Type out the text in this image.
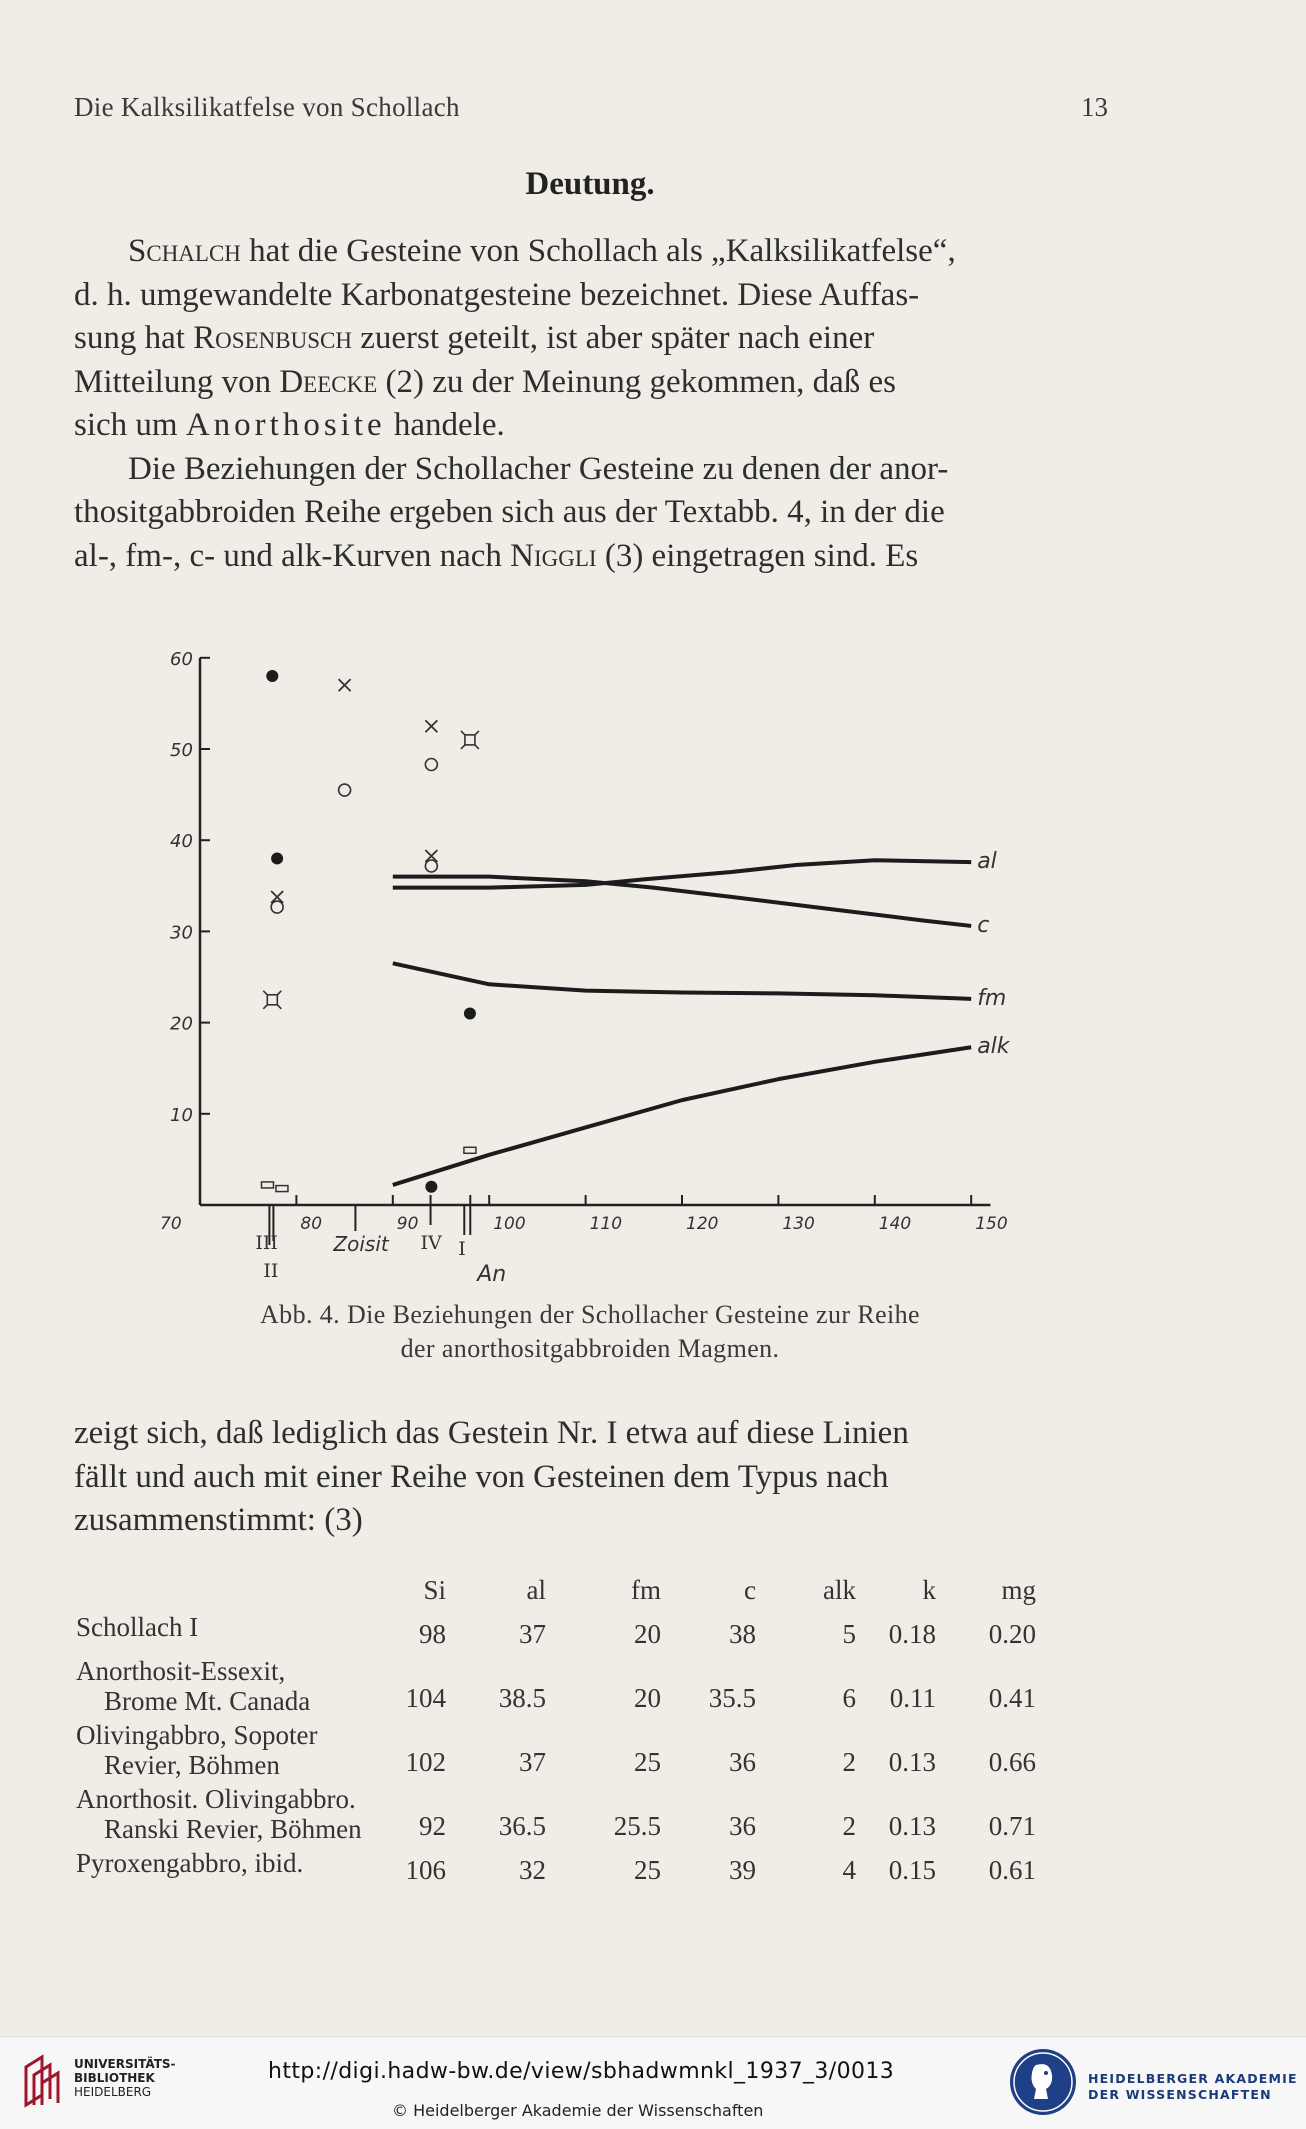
Die Kalksilikatfelse von Schollach	13
Deutung.

Schalch hat die Gesteine von Schollach als „Kalksilikatfelse“,

d. h. umgewandelte Karbonatgesteine bezeichnet. Diese Auffas-

sung hat Rosenbusch zuerst geteilt, ist aber später nach einer

Mitteilung von Deecke (2) zu der Meinung gekommen, daß es

sich um Anorthosite handele.

Die Beziehungen der Schollacher Gesteine zu denen der anor-

thositgabbroiden Reihe ergeben sich aus der Textabb. 4, in der die

al-, fm-, c- und alk-Kurven nach Niggli (3) eingetragen sind. Es

10
20
30
40
50
60
70	80	90	100	110	120	130	140	150
al
c
fm
alk
III
II
Zoisit IV I
An
Abb. 4. Die Beziehungen der Schollacher Gesteine zur Reihe
der anorthositgabbroiden Magmen.

zeigt sich, daß lediglich das Gestein Nr. I etwa auf diese Linien

fällt und auch mit einer Reihe von Gesteinen dem Typus nach

zusammenstimmt: (3)

Si	al	fm	c alk k mg
Schollach I	98	37	20	38	5 0.18 0.20
Anorthosit-Essexit,
Brome Mt. Canada	104 38.5	20 35.5	6 0.11 0.41
Olivingabbro, Sopoter
Revier, Böhmen	102	37	25	36	2 0.13 0.66
Anorthosit. Olivingabbro.
Ranski Revier, Böhmen 92 36.5	25.5	36	2 0.13 0.71
Pyroxengabbro, ibid.	106	32	25	39	4 0.15 0.61
UNIVERSITÄTS-
BIBLIOTHEK
HEIDELBERG
http://digi.hadw-bw.de/view/sbhadwmnkl_1937_3/0013
© Heidelberger Akademie der Wissenschaften
HEIDELBERGER AKADEMIE
DER WISSENSCHAFTEN
